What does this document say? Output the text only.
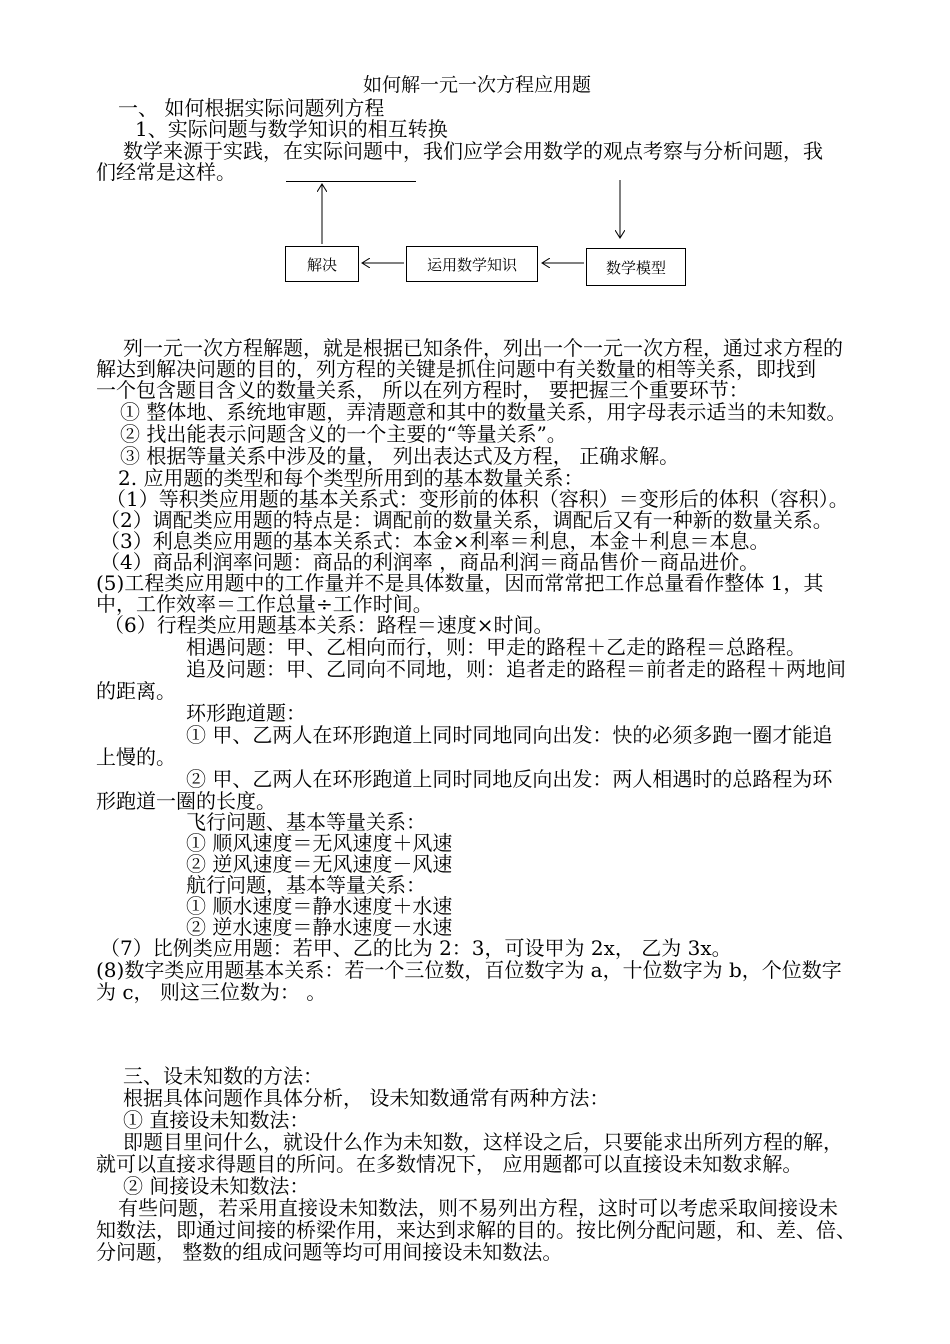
如何解一元一次方程应用题
一、 如何根据实际问题列方程
1、实际问题与数学知识的相互转换
数学来源于实践，在实际问题中，我们应学会用数学的观点考察与分析问题，我
们经常是这样。
解决	运用数学知识	数学模型
列一元一次方程解题，就是根据已知条件，列出一个一元一次方程，通过求方程的
解达到解决问题的目的，列方程的关键是抓住问题中有关数量的相等关系，即找到
一个包含题目含义的数量关系， 所以在列方程时， 要把握三个重要环节：
① 整体地、系统地审题，弄清题意和其中的数量关系，用字母表示适当的未知数。
② 找出能表示问题含义的一个主要的“等量关系”。
③ 根据等量关系中涉及的量， 列出表达式及方程， 正确求解。
2. 应用题的类型和每个类型所用到的基本数量关系：
（1）等积类应用题的基本关系式：变形前的体积（容积）＝变形后的体积（容积）。
（2）调配类应用题的特点是：调配前的数量关系，调配后又有一种新的数量关系。
（3）利息类应用题的基本关系式：本金×利率＝利息，本金＋利息＝本息。
（4）商品利润率问题：商品的利润率 ，商品利润＝商品售价－商品进价。
(5)工程类应用题中的工作量并不是具体数量，因而常常把工作总量看作整体 1，其
中，工作效率＝工作总量÷工作时间。
（6）行程类应用题基本关系：路程＝速度×时间。
相遇问题：甲、乙相向而行，则：甲走的路程＋乙走的路程＝总路程。
追及问题：甲、乙同向不同地，则：追者走的路程＝前者走的路程＋两地间
的距离。
环形跑道题：
① 甲、乙两人在环形跑道上同时同地同向出发：快的必须多跑一圈才能追
上慢的。
② 甲、乙两人在环形跑道上同时同地反向出发：两人相遇时的总路程为环
形跑道一圈的长度。
飞行问题、基本等量关系：
① 顺风速度＝无风速度＋风速
② 逆风速度＝无风速度－风速
航行问题，基本等量关系：
① 顺水速度＝静水速度＋水速
② 逆水速度＝静水速度－水速
（7）比例类应用题：若甲、乙的比为 2：3，可设甲为 2x， 乙为 3x。
(8)数字类应用题基本关系：若一个三位数，百位数字为 a，十位数字为 b，个位数字
为 c， 则这三位数为： 。
三、设未知数的方法：
根据具体问题作具体分析， 设未知数通常有两种方法：
① 直接设未知数法：
即题目里问什么，就设什么作为未知数，这样设之后，只要能求出所列方程的解，
就可以直接求得题目的所问。在多数情况下， 应用题都可以直接设未知数求解。
② 间接设未知数法：
有些问题，若采用直接设未知数法，则不易列出方程，这时可以考虑采取间接设未
知数法，即通过间接的桥梁作用，来达到求解的目的。按比例分配问题，和、差、倍、
分问题， 整数的组成问题等均可用间接设未知数法。
